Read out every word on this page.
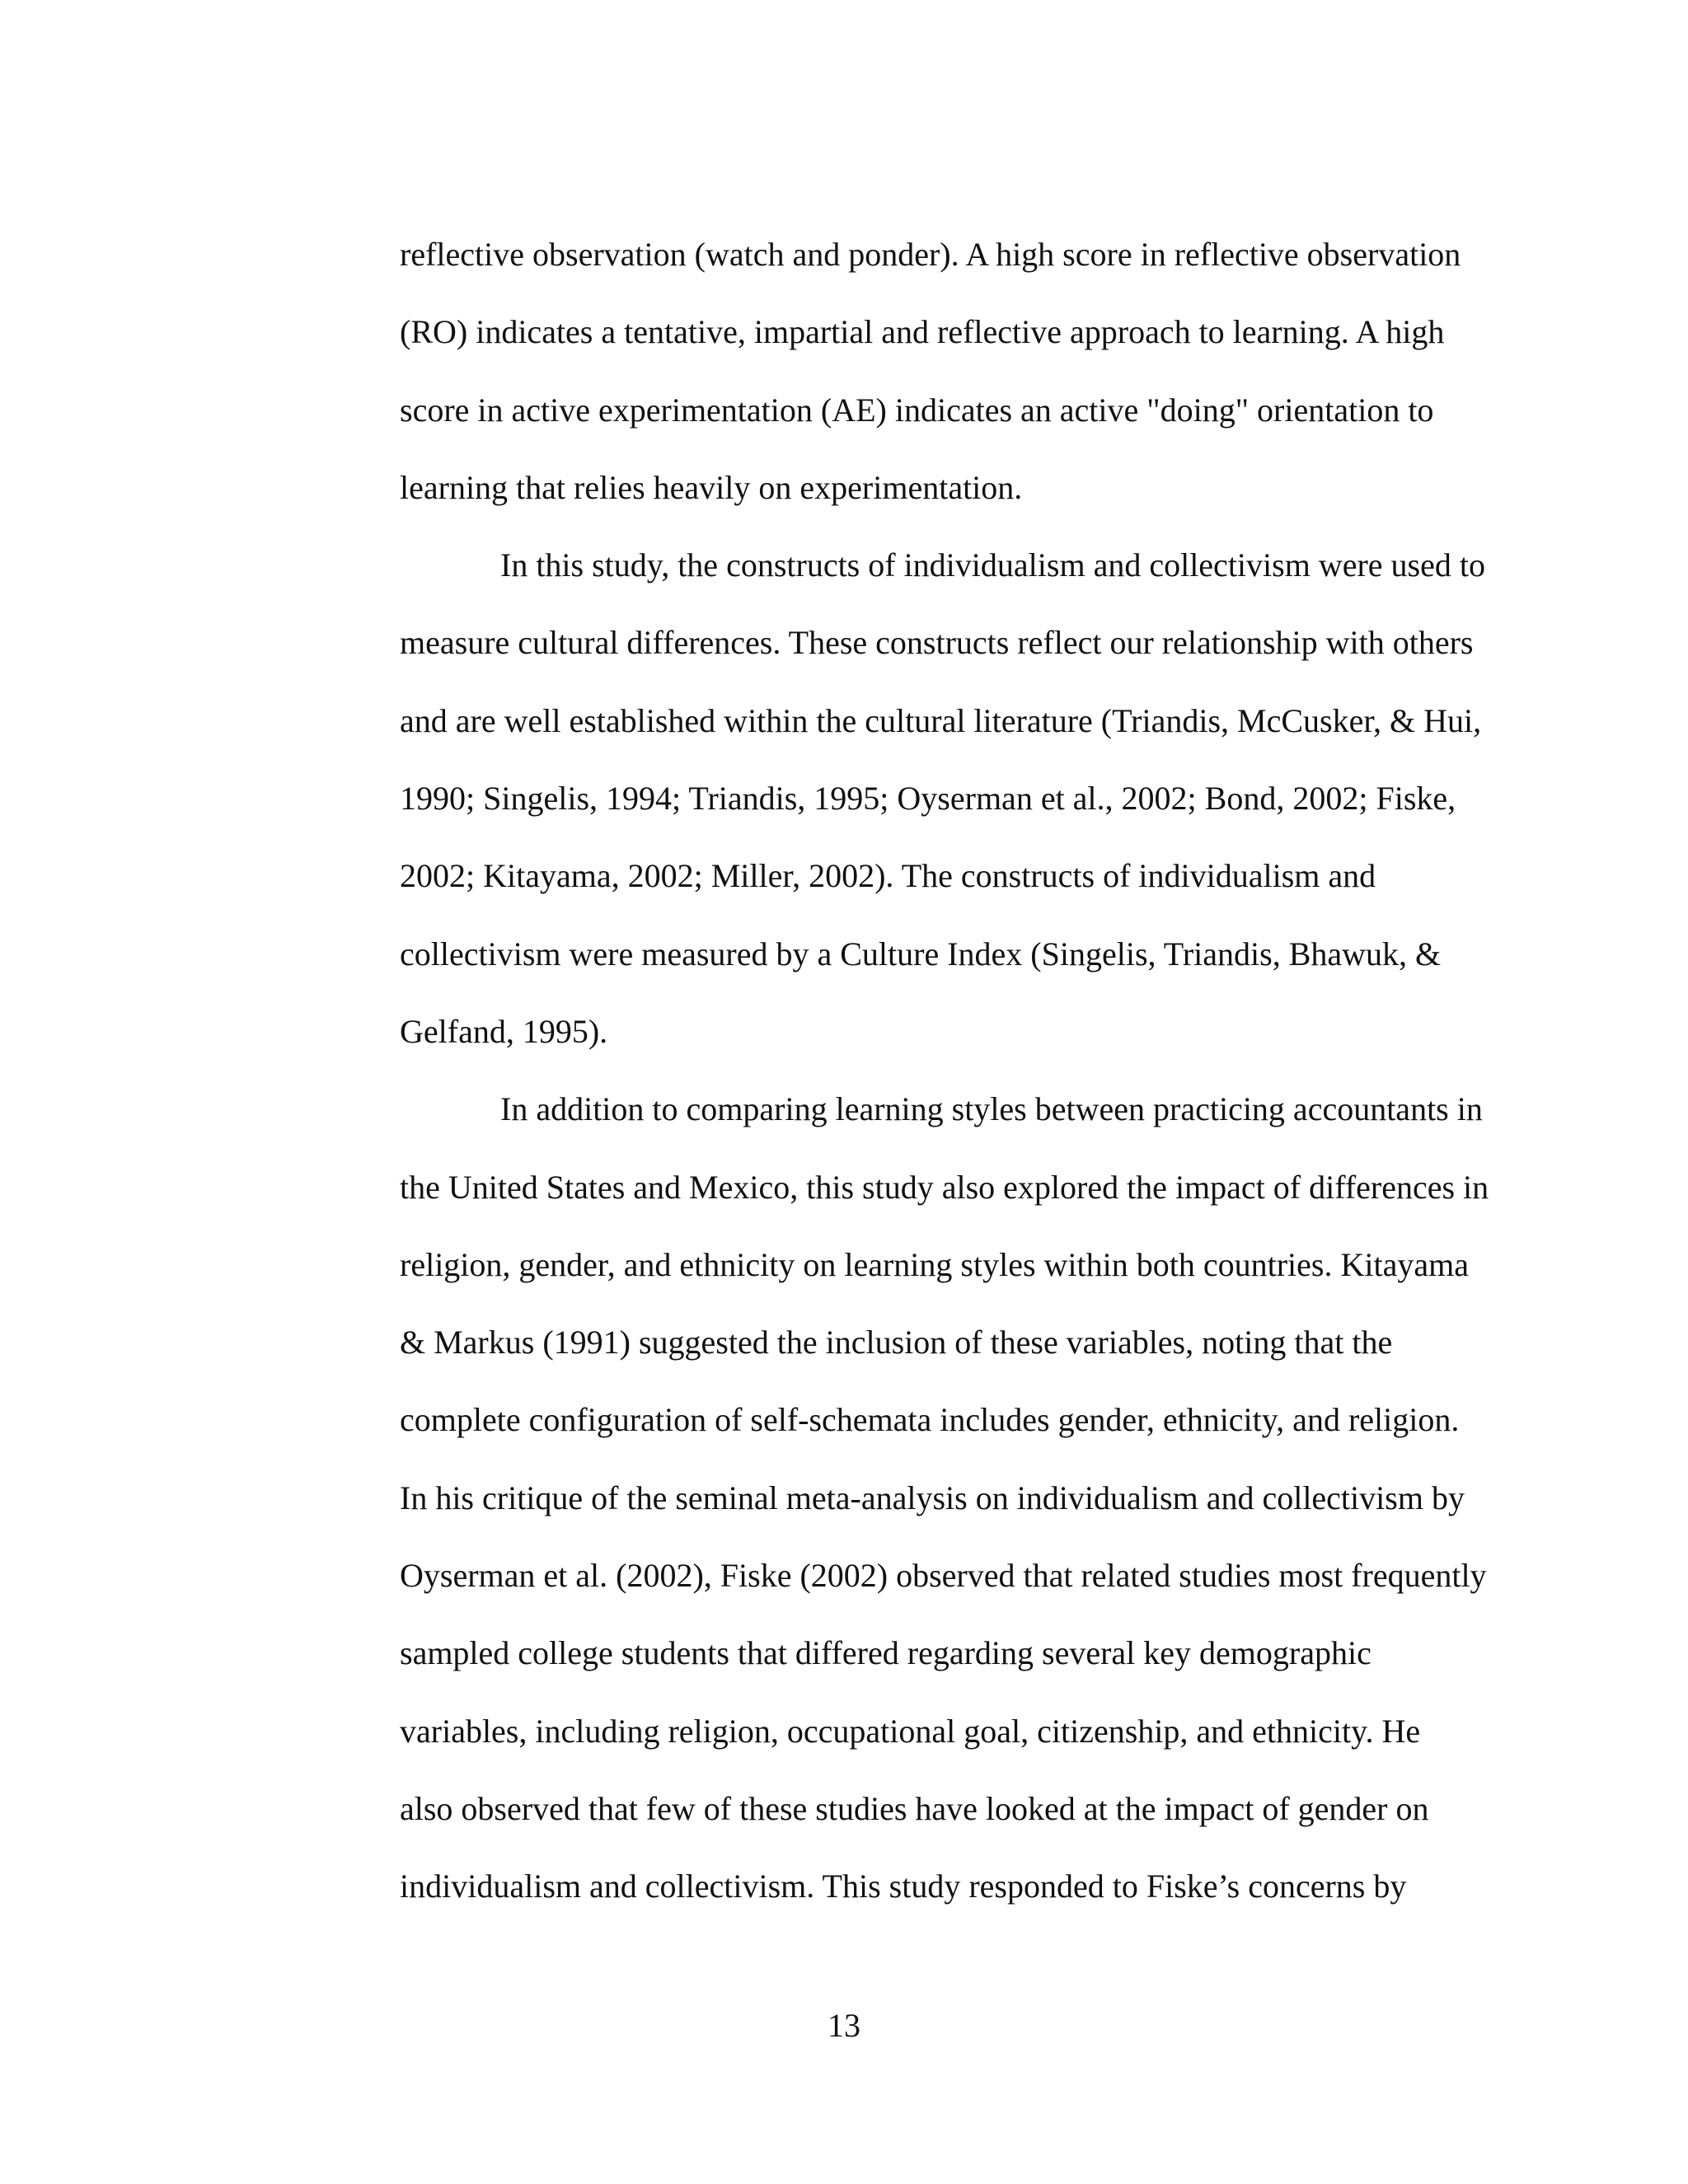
reflective observation (watch and ponder). A high score in reflective observation
(RO) indicates a tentative, impartial and reflective approach to learning. A high
score in active experimentation (AE) indicates an active "doing" orientation to
learning that relies heavily on experimentation.
In this study, the constructs of individualism and collectivism were used to
measure cultural differences. These constructs reflect our relationship with others
and are well established within the cultural literature (Triandis, McCusker, & Hui,
1990; Singelis, 1994; Triandis, 1995; Oyserman et al., 2002; Bond, 2002; Fiske,
2002; Kitayama, 2002; Miller, 2002). The constructs of individualism and
collectivism were measured by a Culture Index (Singelis, Triandis, Bhawuk, &
Gelfand, 1995).
In addition to comparing learning styles between practicing accountants in
the United States and Mexico, this study also explored the impact of differences in
religion, gender, and ethnicity on learning styles within both countries. Kitayama
& Markus (1991) suggested the inclusion of these variables, noting that the
complete configuration of self-schemata includes gender, ethnicity, and religion.
In his critique of the seminal meta-analysis on individualism and collectivism by
Oyserman et al. (2002), Fiske (2002) observed that related studies most frequently
sampled college students that differed regarding several key demographic
variables, including religion, occupational goal, citizenship, and ethnicity. He
also observed that few of these studies have looked at the impact of gender on
individualism and collectivism. This study responded to Fiske’s concerns by
13
